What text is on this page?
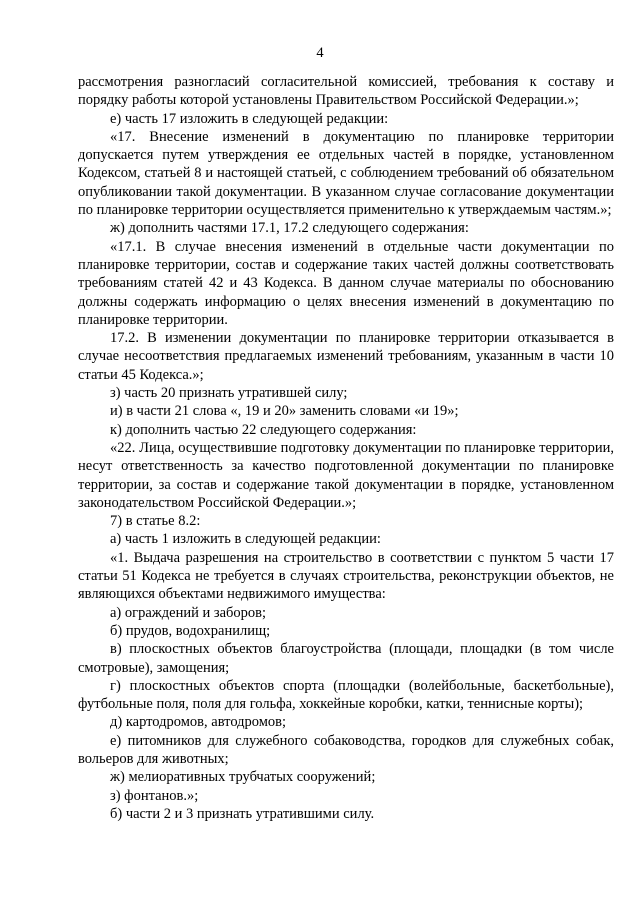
4

рассмотрения разногласий согласительной комиссией, требования к составу и порядку работы которой установлены Правительством Российской Федерации.»;

е) часть 17 изложить в следующей редакции:

«17. Внесение изменений в документацию по планировке территории допускается путем утверждения ее отдельных частей в порядке, установленном Кодексом, статьей 8 и настоящей статьей, с соблюдением требований об обязательном опубликовании такой документации. В указанном случае согласование документации по планировке территории осуществляется применительно к утверждаемым частям.»;

ж) дополнить частями 17.1, 17.2 следующего содержания:

«17.1. В случае внесения изменений в отдельные части документации по планировке территории, состав и содержание таких частей должны соответствовать требованиям статей 42 и 43 Кодекса. В данном случае материалы по обоснованию должны содержать информацию о целях внесения изменений в документацию по планировке территории.

17.2. В изменении документации по планировке территории отказывается в случае несоответствия предлагаемых изменений требованиям, указанным в части 10 статьи 45 Кодекса.»;

з) часть 20 признать утратившей силу;

и) в части 21 слова «, 19 и 20» заменить словами «и 19»;

к) дополнить частью 22 следующего содержания:

«22. Лица, осуществившие подготовку документации по планировке территории, несут ответственность за качество подготовленной документации по планировке территории, за состав и содержание такой документации в порядке, установленном законодательством Российской Федерации.»;

7) в статье 8.2:

а) часть 1 изложить в следующей редакции:

«1. Выдача разрешения на строительство в соответствии с пунктом 5 части 17 статьи 51 Кодекса не требуется в случаях строительства, реконструкции объектов, не являющихся объектами недвижимого имущества:

а) ограждений и заборов;

б) прудов, водохранилищ;

в) плоскостных объектов благоустройства (площади, площадки (в том числе смотровые), замощения;

г) плоскостных объектов спорта (площадки (волейбольные, баскетбольные), футбольные поля, поля для гольфа, хоккейные коробки, катки, теннисные корты);

д) картодромов, автодромов;

е) питомников для служебного собаководства, городков для служебных собак, вольеров для животных;

ж) мелиоративных трубчатых сооружений;

з) фонтанов.»;

б) части 2 и 3 признать утратившими силу.
